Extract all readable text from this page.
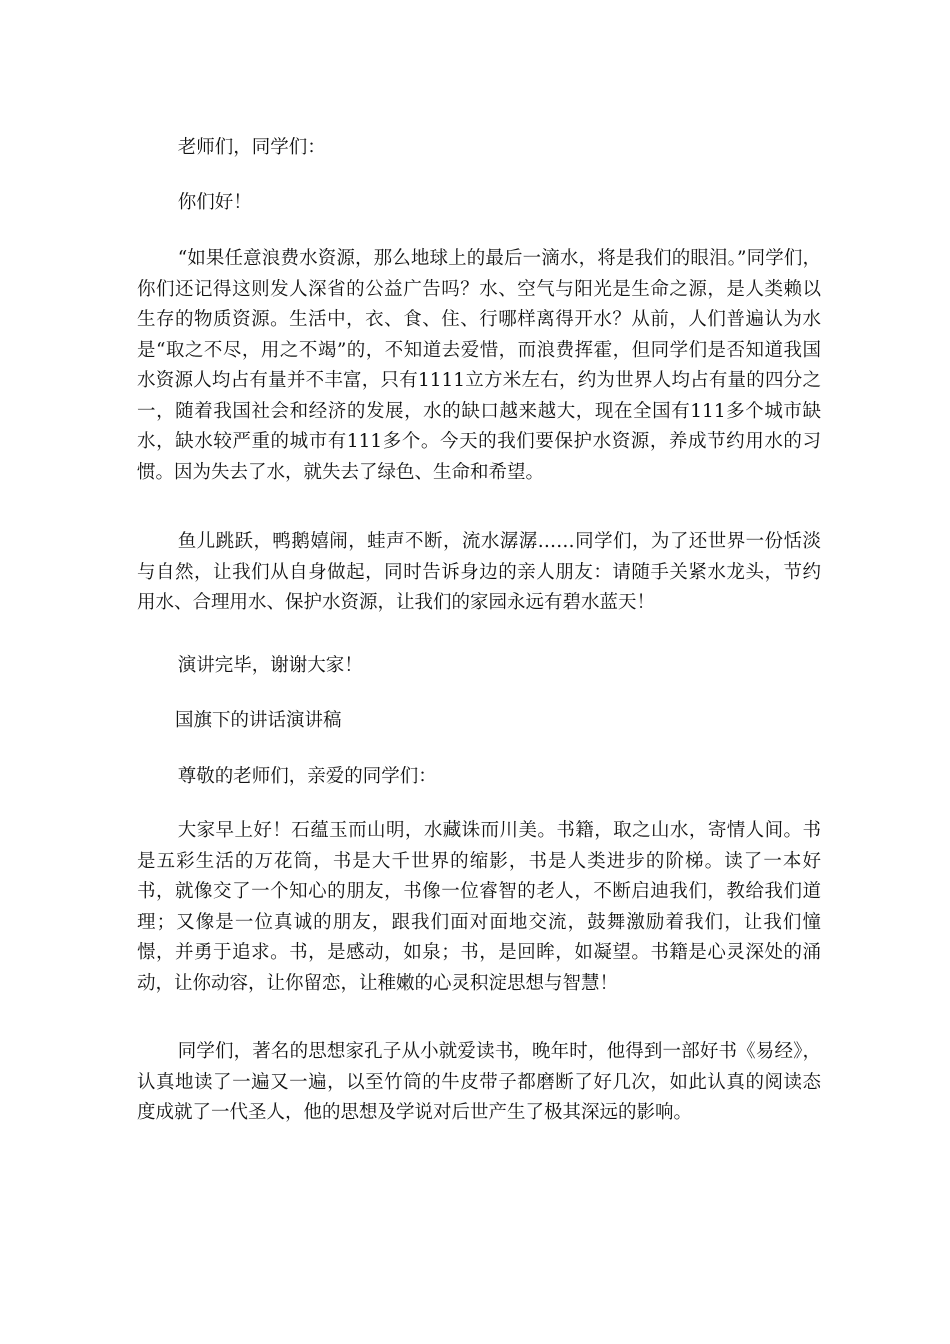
老师们，同学们：

你们好！

“如果任意浪费水资源，那么地球上的最后一滴水，将是我们的眼泪。”同学们，你们还记得这则发人深省的公益广告吗？水、空气与阳光是生命之源，是人类赖以生存的物质资源。生活中，衣、食、住、行哪样离得开水？从前，人们普遍认为水是“取之不尽，用之不竭”的，不知道去爱惜，而浪费挥霍，但同学们是否知道我国水资源人均占有量并不丰富，只有1111立方米左右，约为世界人均占有量的四分之一，随着我国社会和经济的发展，水的缺口越来越大，现在全国有111多个城市缺水，缺水较严重的城市有111多个。今天的我们要保护水资源，养成节约用水的习惯。因为失去了水，就失去了绿色、生命和希望。

鱼儿跳跃，鸭鹅嬉闹，蛙声不断，流水潺潺……同学们，为了还世界一份恬淡与自然，让我们从自身做起，同时告诉身边的亲人朋友：请随手关紧水龙头，节约用水、合理用水、保护水资源，让我们的家园永远有碧水蓝天！

演讲完毕，谢谢大家！

国旗下的讲话演讲稿

尊敬的老师们，亲爱的同学们：

大家早上好！石蕴玉而山明，水藏诛而川美。书籍，取之山水，寄情人间。书是五彩生活的万花筒，书是大千世界的缩影，书是人类进步的阶梯。读了一本好书，就像交了一个知心的朋友，书像一位睿智的老人，不断启迪我们，教给我们道理；又像是一位真诚的朋友，跟我们面对面地交流，鼓舞激励着我们，让我们憧憬，并勇于追求。书，是感动，如泉；书，是回眸，如凝望。书籍是心灵深处的涌动，让你动容，让你留恋，让稚嫩的心灵积淀思想与智慧！

同学们，著名的思想家孔子从小就爱读书，晚年时，他得到一部好书《易经》，认真地读了一遍又一遍，以至竹筒的牛皮带子都磨断了好几次，如此认真的阅读态度成就了一代圣人，他的思想及学说对后世产生了极其深远的影响。
